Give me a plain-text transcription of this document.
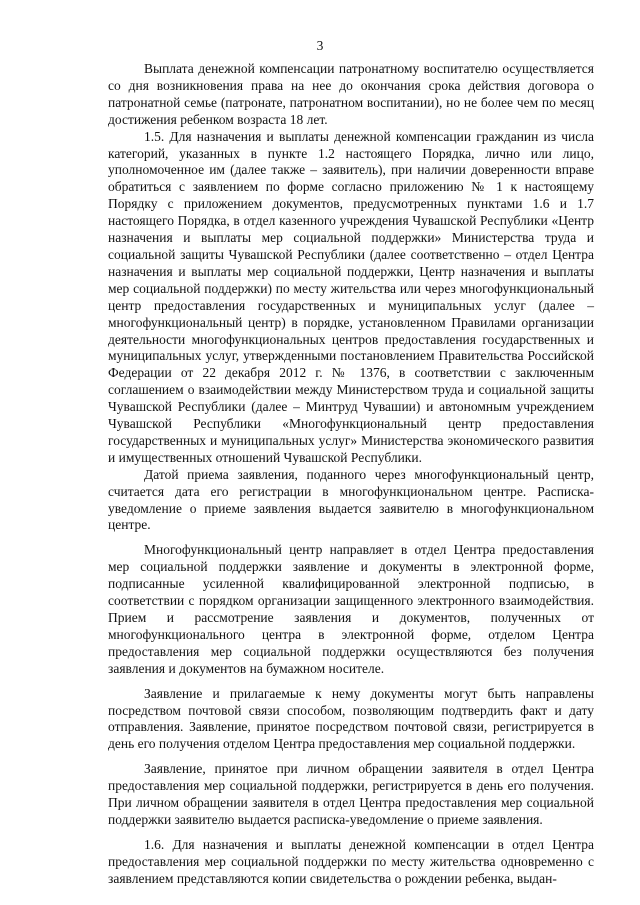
3

Выплата денежной компенсации патронатному воспитателю осуществляется со дня возникновения права на нее до окончания срока действия договора о патронатной семье (патронате, патронатном воспитании), но не более чем по месяц достижения ребенком возраста 18 лет.

1.5. Для назначения и выплаты денежной компенсации гражданин из числа категорий, указанных в пункте 1.2 настоящего Порядка, лично или лицо, уполномоченное им (далее также – заявитель), при наличии доверенности вправе обратиться с заявлением по форме согласно приложению № 1 к настоящему Порядку с приложением документов, предусмотренных пунктами 1.6 и 1.7 настоящего Порядка, в отдел казенного учреждения Чувашской Республики «Центр назначения и выплаты мер социальной поддержки» Министерства труда и социальной защиты Чувашской Республики (далее соответственно – отдел Центра назначения и выплаты мер социальной поддержки, Центр назначения и выплаты мер социальной поддержки) по месту жительства или через многофункциональный центр предоставления государственных и муниципальных услуг (далее – многофункциональный центр) в порядке, установленном Правилами организации деятельности многофункциональных центров предоставления государственных и муниципальных услуг, утвержденными постановлением Правительства Российской Федерации от 22 декабря 2012 г. № 1376, в соответствии с заключенным соглашением о взаимодействии между Министерством труда и социальной защиты Чувашской Республики (далее – Минтруд Чувашии) и автономным учреждением Чувашской Республики «Многофункциональный центр предоставления государственных и муниципальных услуг» Министерства экономического развития и имущественных отношений Чувашской Республики.

Датой приема заявления, поданного через многофункциональный центр, считается дата его регистрации в многофункциональном центре. Расписка-уведомление о приеме заявления выдается заявителю в многофункциональном центре.

Многофункциональный центр направляет в отдел Центра предоставления мер социальной поддержки заявление и документы в электронной форме, подписанные усиленной квалифицированной электронной подписью, в соответствии с порядком организации защищенного электронного взаимодействия. Прием и рассмотрение заявления и документов, полученных от многофункционального центра в электронной форме, отделом Центра предоставления мер социальной поддержки осуществляются без получения заявления и документов на бумажном носителе.

Заявление и прилагаемые к нему документы могут быть направлены посредством почтовой связи способом, позволяющим подтвердить факт и дату отправления. Заявление, принятое посредством почтовой связи, регистрируется в день его получения отделом Центра предоставления мер социальной поддержки.

Заявление, принятое при личном обращении заявителя в отдел Центра предоставления мер социальной поддержки, регистрируется в день его получения. При личном обращении заявителя в отдел Центра предоставления мер социальной поддержки заявителю выдается расписка-уведомление о приеме заявления.

1.6. Для назначения и выплаты денежной компенсации в отдел Центра предоставления мер социальной поддержки по месту жительства одновременно с заявлением представляются копии свидетельства о рождении ребенка, выдан-
